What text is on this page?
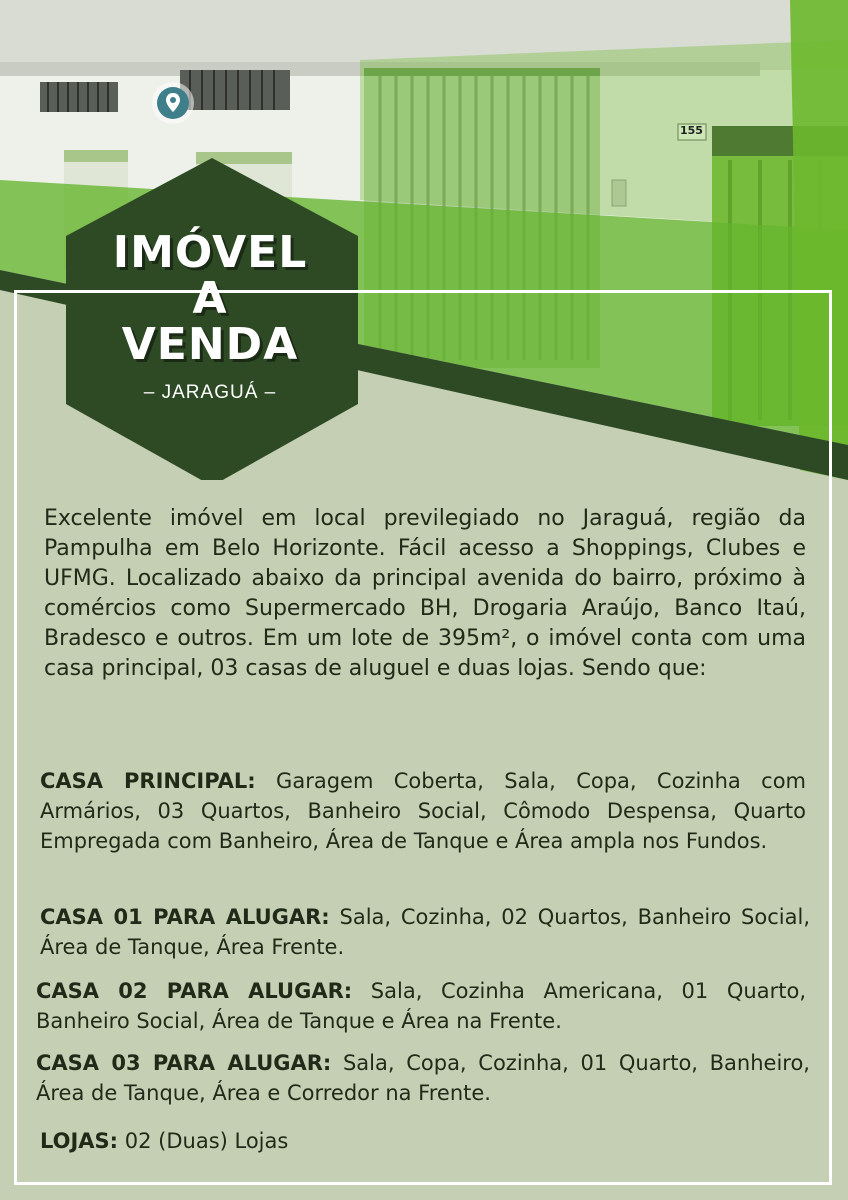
155
IMÓVEL
A
VENDA
– JARAGUÁ –
Excelente imóvel em local previlegiado no Jaraguá, região da Pampulha em Belo Horizonte. Fácil acesso a Shoppings, Clubes e UFMG. Localizado abaixo da principal avenida do bairro, próximo à comércios como Supermercado BH, Drogaria Araújo, Banco Itaú, Bradesco e outros. Em um lote de 395m², o imóvel conta com uma casa principal, 03 casas de aluguel e duas lojas. Sendo que:
CASA PRINCIPAL: Garagem Coberta, Sala, Copa, Cozinha com Armários, 03 Quartos, Banheiro Social, Cômodo Despensa, Quarto Empregada com Banheiro, Área de Tanque e Área ampla nos Fundos.
CASA 01 PARA ALUGAR: Sala, Cozinha, 02 Quartos, Banheiro Social, Área de Tanque, Área Frente.
CASA 02 PARA ALUGAR: Sala, Cozinha Americana, 01 Quarto, Banheiro Social, Área de Tanque e Área na Frente.
CASA 03 PARA ALUGAR: Sala, Copa, Cozinha, 01 Quarto, Banheiro, Área de Tanque, Área e Corredor na Frente.
LOJAS: 02 (Duas) Lojas
